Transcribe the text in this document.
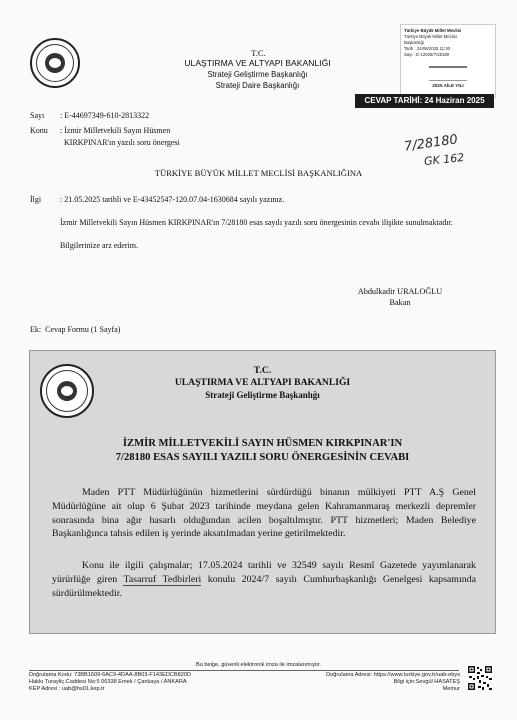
T.C.
ULAŞTIRMA VE ALTYAPI BAKANLIĞI
Strateji Geliştirme Başkanlığı
Strateji Daire Başkanlığı
Türkiye Büyük Millet Meclisi
Türkiye Büyük Millet Meclisi
Başkanlığı
Tarih : 24/06/2025 11:30
Sayı : E-12025/7/28180
2025 AİLE YILI
CEVAP TARİHİ: 24 Haziran 2025
Sayı : E-44697349-610-2813322
Konu : İzmir Milletvekili Sayın Hüsmen
KIRKPINAR'ın yazılı soru önergesi	7/28180
GK 162
TÜRKİYE BÜYÜK MİLLET MECLİSİ BAŞKANLIĞINA
İlgi : 21.05.2025 tarihli ve E-43452547-120.07.04-1630684 sayılı yazınız.
İzmir Milletvekili Sayın Hüsmen KIRKPINAR'ın 7/28180 esas sayılı yazılı soru önergesinin cevabı ilişikte sunulmaktadır.
Bilgilerinize arz ederim.
Abdulkadir URALOĞLU
Bakan
Ek:  Cevap Formu (1 Sayfa)
T.C.
ULAŞTIRMA VE ALTYAPI BAKANLIĞI
Strateji Geliştirme Başkanlığı
İZMİR MİLLETVEKİLİ SAYIN HÜSMEN KIRKPINAR'IN
7/28180 ESAS SAYILI YAZILI SORU ÖNERGESİNİN CEVABI
Maden PTT Müdürlüğünün hizmetlerini sürdürdüğü binanın mülkiyeti PTT A.Ş Genel Müdürlüğüne ait olup 6 Şubat 2023 tarihinde meydana gelen Kahramanmaraş merkezli depremler sonrasında bina ağır hasarlı olduğundan acilen boşaltılmıştır. PTT hizmetleri; Maden Belediye Başkanlığınca tahsis edilen iş yerinde aksatılmadan yerine getirilmektedir.
Konu ile ilgili çalışmalar; 17.05.2024 tarihli ve 32549 sayılı Resmî Gazetede yayımlanarak yürürlüğe giren Tasarruf Tedbirleri konulu 2024/7 sayılı Cumhurbaşkanlığı Genelgesi kapsamında sürdürülmektedir.
Bu belge, güvenli elektronik imza ile imzalanmıştır.
Doğrulama Kodu: 73BB1609-6AC9-4DAA-8B03-F143EDCB820D	Doğrulama Adresi: https://www.turkiye.gov.tr/uab-ebys
Hakkı Turayliç Caddesi No:5 06338 Emek / Çankaya / ANKARA	Bilgi için:Sevgül HASATEŞ
KEP Adresi : uab@hs01.kep.tr	Memur
